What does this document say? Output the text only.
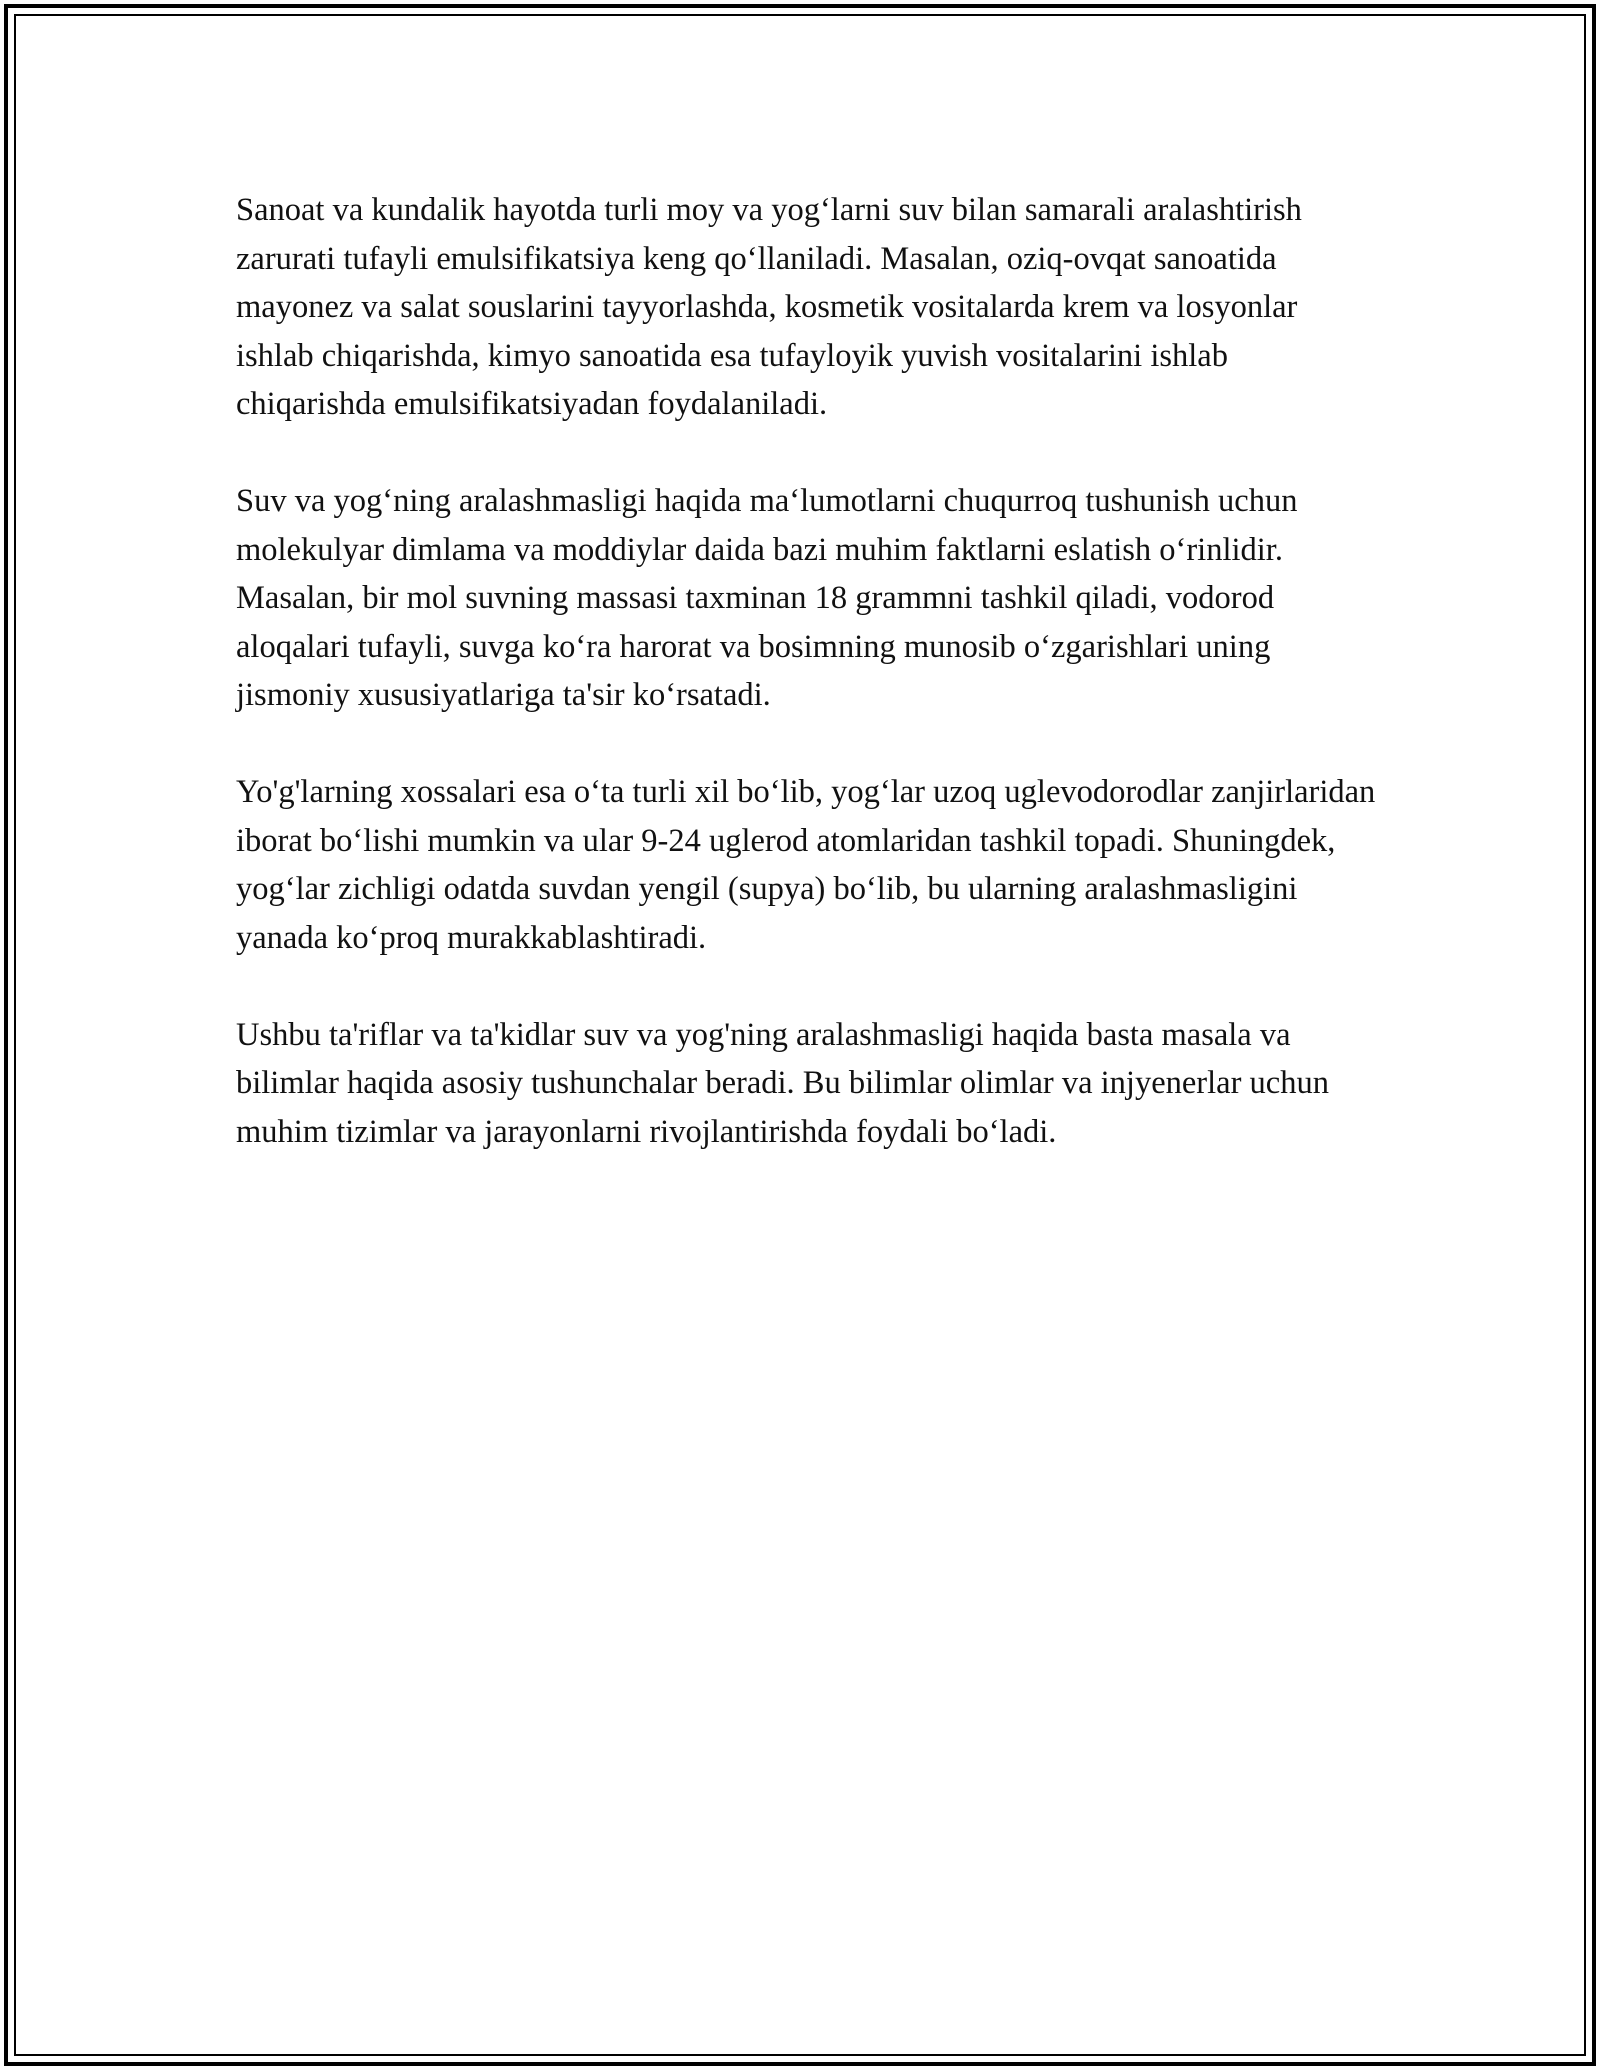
Sanoat va kundalik hayotda turli moy va yog‘larni suv bilan samarali aralashtirish zarurati tufayli emulsifikatsiya keng qo‘llaniladi. Masalan, oziq-ovqat sanoatida mayonez va salat souslarini tayyorlashda, kosmetik vositalarda krem va losyonlar ishlab chiqarishda, kimyo sanoatida esa tufayloyik yuvish vositalarini ishlab chiqarishda emulsifikatsiyadan foydalaniladi.

Suv va yog‘ning aralashmasligi haqida ma‘lumotlarni chuqurroq tushunish uchun molekulyar dimlama va moddiylar daida bazi muhim faktlarni eslatish o‘rinlidir. Masalan, bir mol suvning massasi taxminan 18 grammni tashkil qiladi, vodorod aloqalari tufayli, suvga ko‘ra harorat va bosimning munosib o‘zgarishlari uning jismoniy xususiyatlariga ta'sir ko‘rsatadi.

Yo'g'larning xossalari esa o‘ta turli xil bo‘lib, yog‘lar uzoq uglevodorodlar zanjirlaridan iborat bo‘lishi mumkin va ular 9-24 uglerod atomlaridan tashkil topadi. Shuningdek, yog‘lar zichligi odatda suvdan yengil (supya) bo‘lib, bu ularning aralashmasligini yanada ko‘proq murakkablashtiradi.

Ushbu ta'riflar va ta'kidlar suv va yog'ning aralashmasligi haqida basta masala va bilimlar haqida asosiy tushunchalar beradi. Bu bilimlar olimlar va injyenerlar uchun muhim tizimlar va jarayonlarni rivojlantirishda foydali bo‘ladi.
